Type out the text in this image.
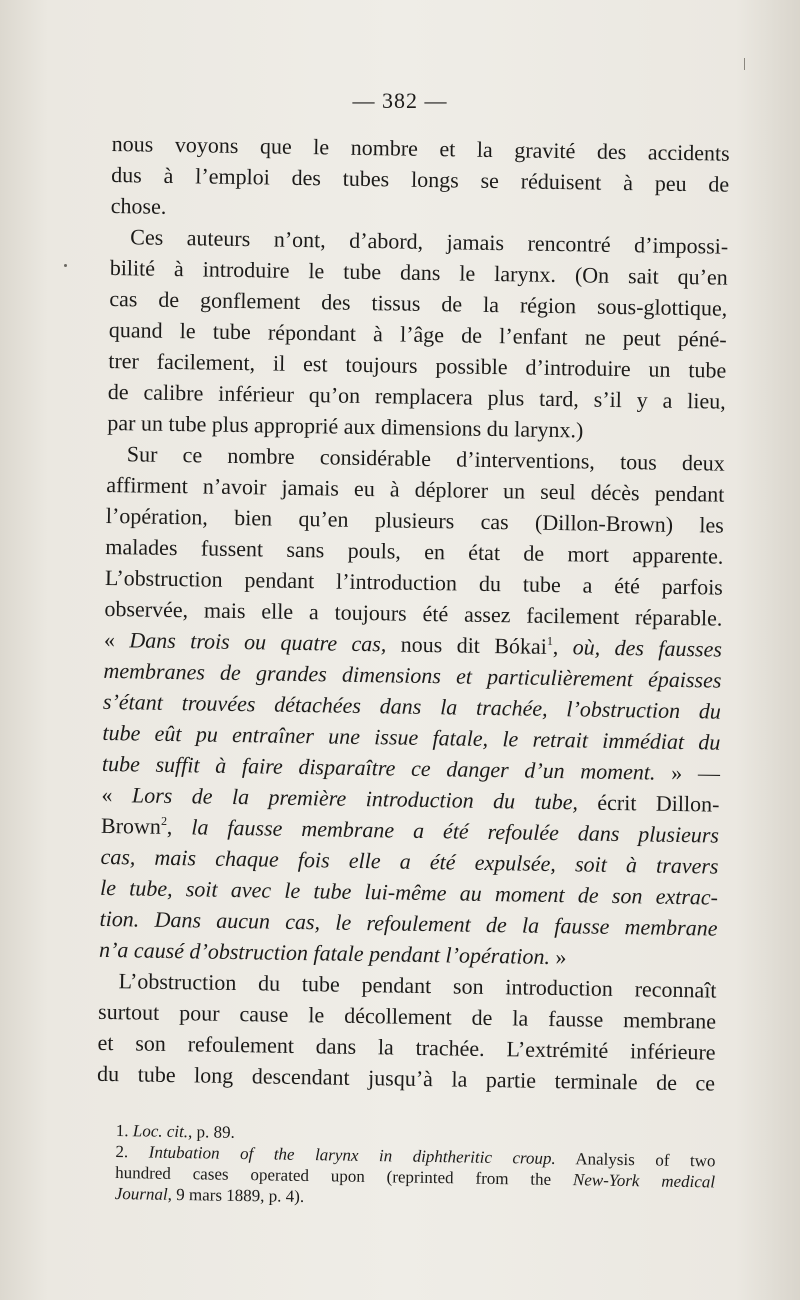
— 382 —

nous voyons que le nombre et la gravité des accidents
dus à l’emploi des tubes longs se réduisent à peu de
chose.

Ces auteurs n’ont, d’abord, jamais rencontré d’impossi-
bilité à introduire le tube dans le larynx. (On sait qu’en
cas de gonflement des tissus de la région sous-glottique,
quand le tube répondant à l’âge de l’enfant ne peut péné-
trer facilement, il est toujours possible d’introduire un tube
de calibre inférieur qu’on remplacera plus tard, s’il y a lieu,
par un tube plus approprié aux dimensions du larynx.)

Sur ce nombre considérable d’interventions, tous deux
affirment n’avoir jamais eu à déplorer un seul décès pendant
l’opération, bien qu’en plusieurs cas (Dillon-Brown) les
malades fussent sans pouls, en état de mort apparente.
L’obstruction pendant l’introduction du tube a été parfois
observée, mais elle a toujours été assez facilement réparable.
« Dans trois ou quatre cas, nous dit Bókai$^1$, où, des fausses
membranes de grandes dimensions et particulièrement épaisses
s’étant trouvées détachées dans la trachée, l’obstruction du
tube eût pu entraîner une issue fatale, le retrait immédiat du
tube suffit à faire disparaître ce danger d’un moment. » —
« Lors de la première introduction du tube, écrit Dillon-
Brown$^2$, la fausse membrane a été refoulée dans plusieurs
cas, mais chaque fois elle a été expulsée, soit à travers
le tube, soit avec le tube lui-même au moment de son extrac-
tion. Dans aucun cas, le refoulement de la fausse membrane
n’a causé d’obstruction fatale pendant l’opération. »

L’obstruction du tube pendant son introduction reconnaît
surtout pour cause le décollement de la fausse membrane
et son refoulement dans la trachée. L’extrémité inférieure
du tube long descendant jusqu’à la partie terminale de ce

1. Loc. cit., p. 89.
2. Intubation of the larynx in diphtheritic croup. Analysis of two
hundred cases operated upon (reprinted from the New-York medical
Journal, 9 mars 1889, p. 4).
